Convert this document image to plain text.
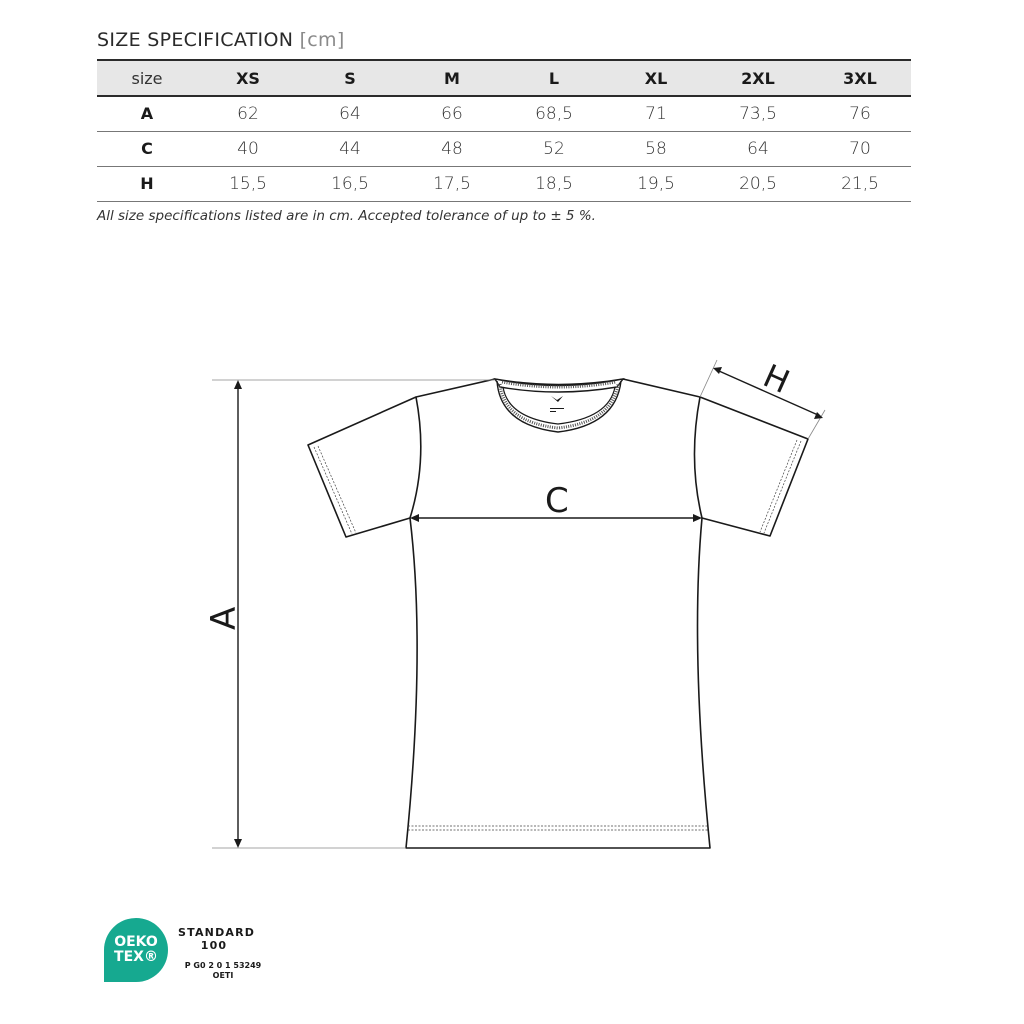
SIZE SPECIFICATION [cm]
size	XS	S	M	L	XL	2XL	3XL
A	62	64	66	68,5	71	73,5	76
C	40	44	48	52	58	64	70
H	15,5	16,5	17,5	18,5	19,5	20,5	21,5
All size specifications listed are in cm. Accepted tolerance of up to ± 5 %.
A
C
H
OEKO
TEX®
STANDARD
100
P G0 2 0 1 53249
OETI
